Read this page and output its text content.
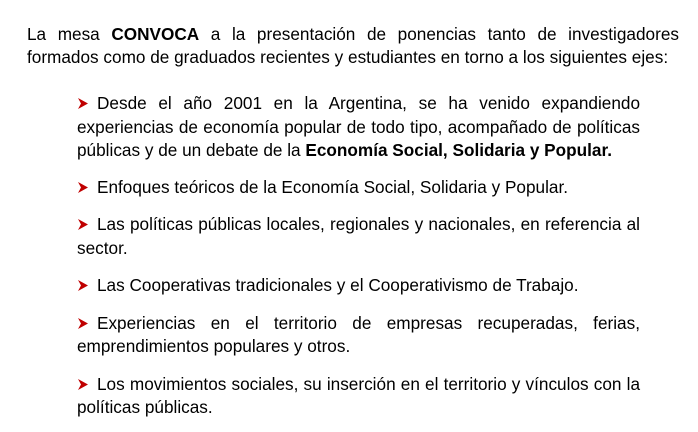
La mesa CONVOCA a la presentación de ponencias tanto de investigadores formados como de graduados recientes y estudiantes en torno a los siguientes ejes:

Desde el año 2001 en la Argentina, se ha venido expandiendo experiencias de economía popular de todo tipo, acompañado de políticas públicas y de un debate de la Economía Social, Solidaria y Popular.
Enfoques teóricos de la Economía Social, Solidaria y Popular.
Las políticas públicas locales, regionales y nacionales, en referencia al sector.
Las Cooperativas tradicionales y el Cooperativismo de Trabajo.
Experiencias en el territorio de empresas recuperadas, ferias, emprendimientos populares y otros.
Los movimientos sociales, su inserción en el territorio y vínculos con la políticas públicas.
